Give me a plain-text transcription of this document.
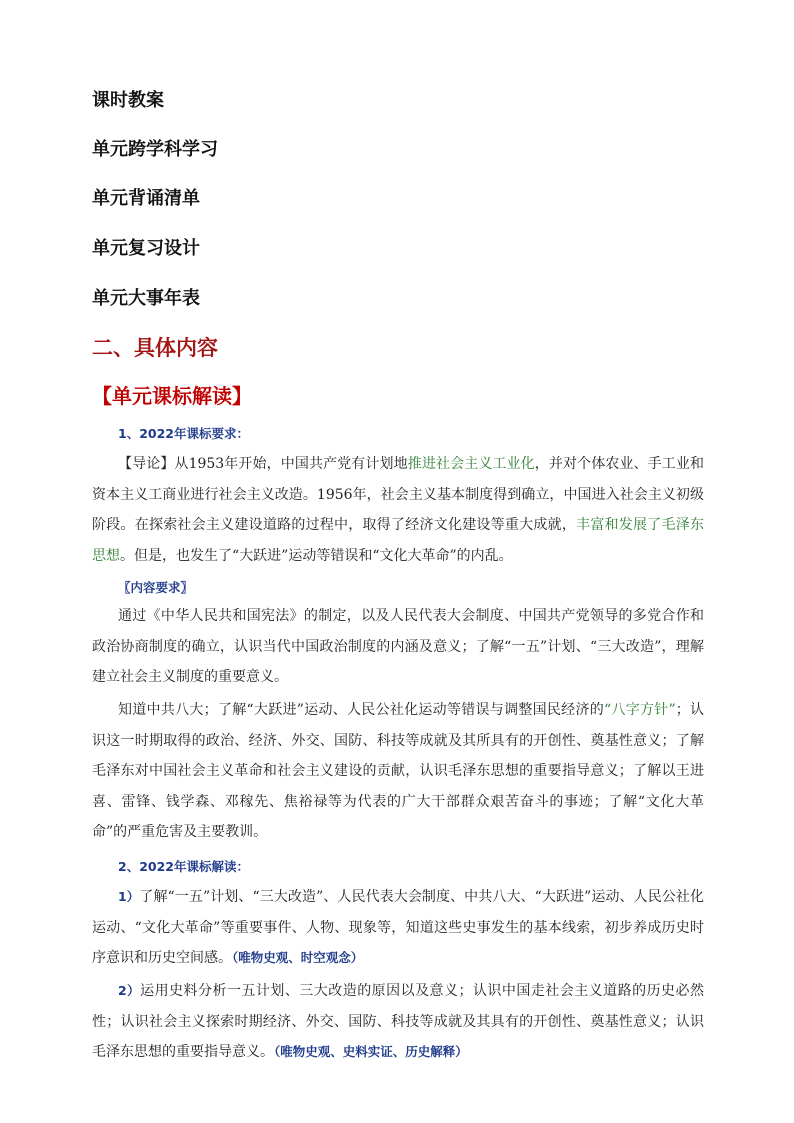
课时教案
单元跨学科学习
单元背诵清单
单元复习设计
单元大事年表
二、具体内容
【单元课标解读】
1、2022年课标要求：
【导论】从1953年开始，中国共产党有计划地推进社会主义工业化，并对个体农业、手工业和资本主义工商业进行社会主义改造。1956年，社会主义基本制度得到确立，中国进入社会主义初级阶段。在探索社会主义建设道路的过程中，取得了经济文化建设等重大成就，丰富和发展了毛泽东思想。但是，也发生了“大跃进”运动等错误和“文化大革命”的内乱。
〖内容要求〗
通过《中华人民共和国宪法》的制定，以及人民代表大会制度、中国共产党领导的多党合作和政治协商制度的确立，认识当代中国政治制度的内涵及意义；了解“一五”计划、“三大改造”，理解建立社会主义制度的重要意义。
知道中共八大；了解“大跃进”运动、人民公社化运动等错误与调整国民经济的“八字方针”；认识这一时期取得的政治、经济、外交、国防、科技等成就及其所具有的开创性、奠基性意义；了解毛泽东对中国社会主义革命和社会主义建设的贡献，认识毛泽东思想的重要指导意义；了解以王进喜、雷锋、钱学森、邓稼先、焦裕禄等为代表的广大干部群众艰苦奋斗的事迹；了解“文化大革命”的严重危害及主要教训。
2、2022年课标解读：
1）了解“一五”计划、“三大改造”、人民代表大会制度、中共八大、“大跃进”运动、人民公社化运动、“文化大革命”等重要事件、人物、现象等，知道这些史事发生的基本线索，初步养成历史时序意识和历史空间感。（唯物史观、时空观念）
2）运用史料分析一五计划、三大改造的原因以及意义；认识中国走社会主义道路的历史必然性；认识社会主义探索时期经济、外交、国防、科技等成就及其具有的开创性、奠基性意义；认识毛泽东思想的重要指导意义。（唯物史观、史料实证、历史解释）
